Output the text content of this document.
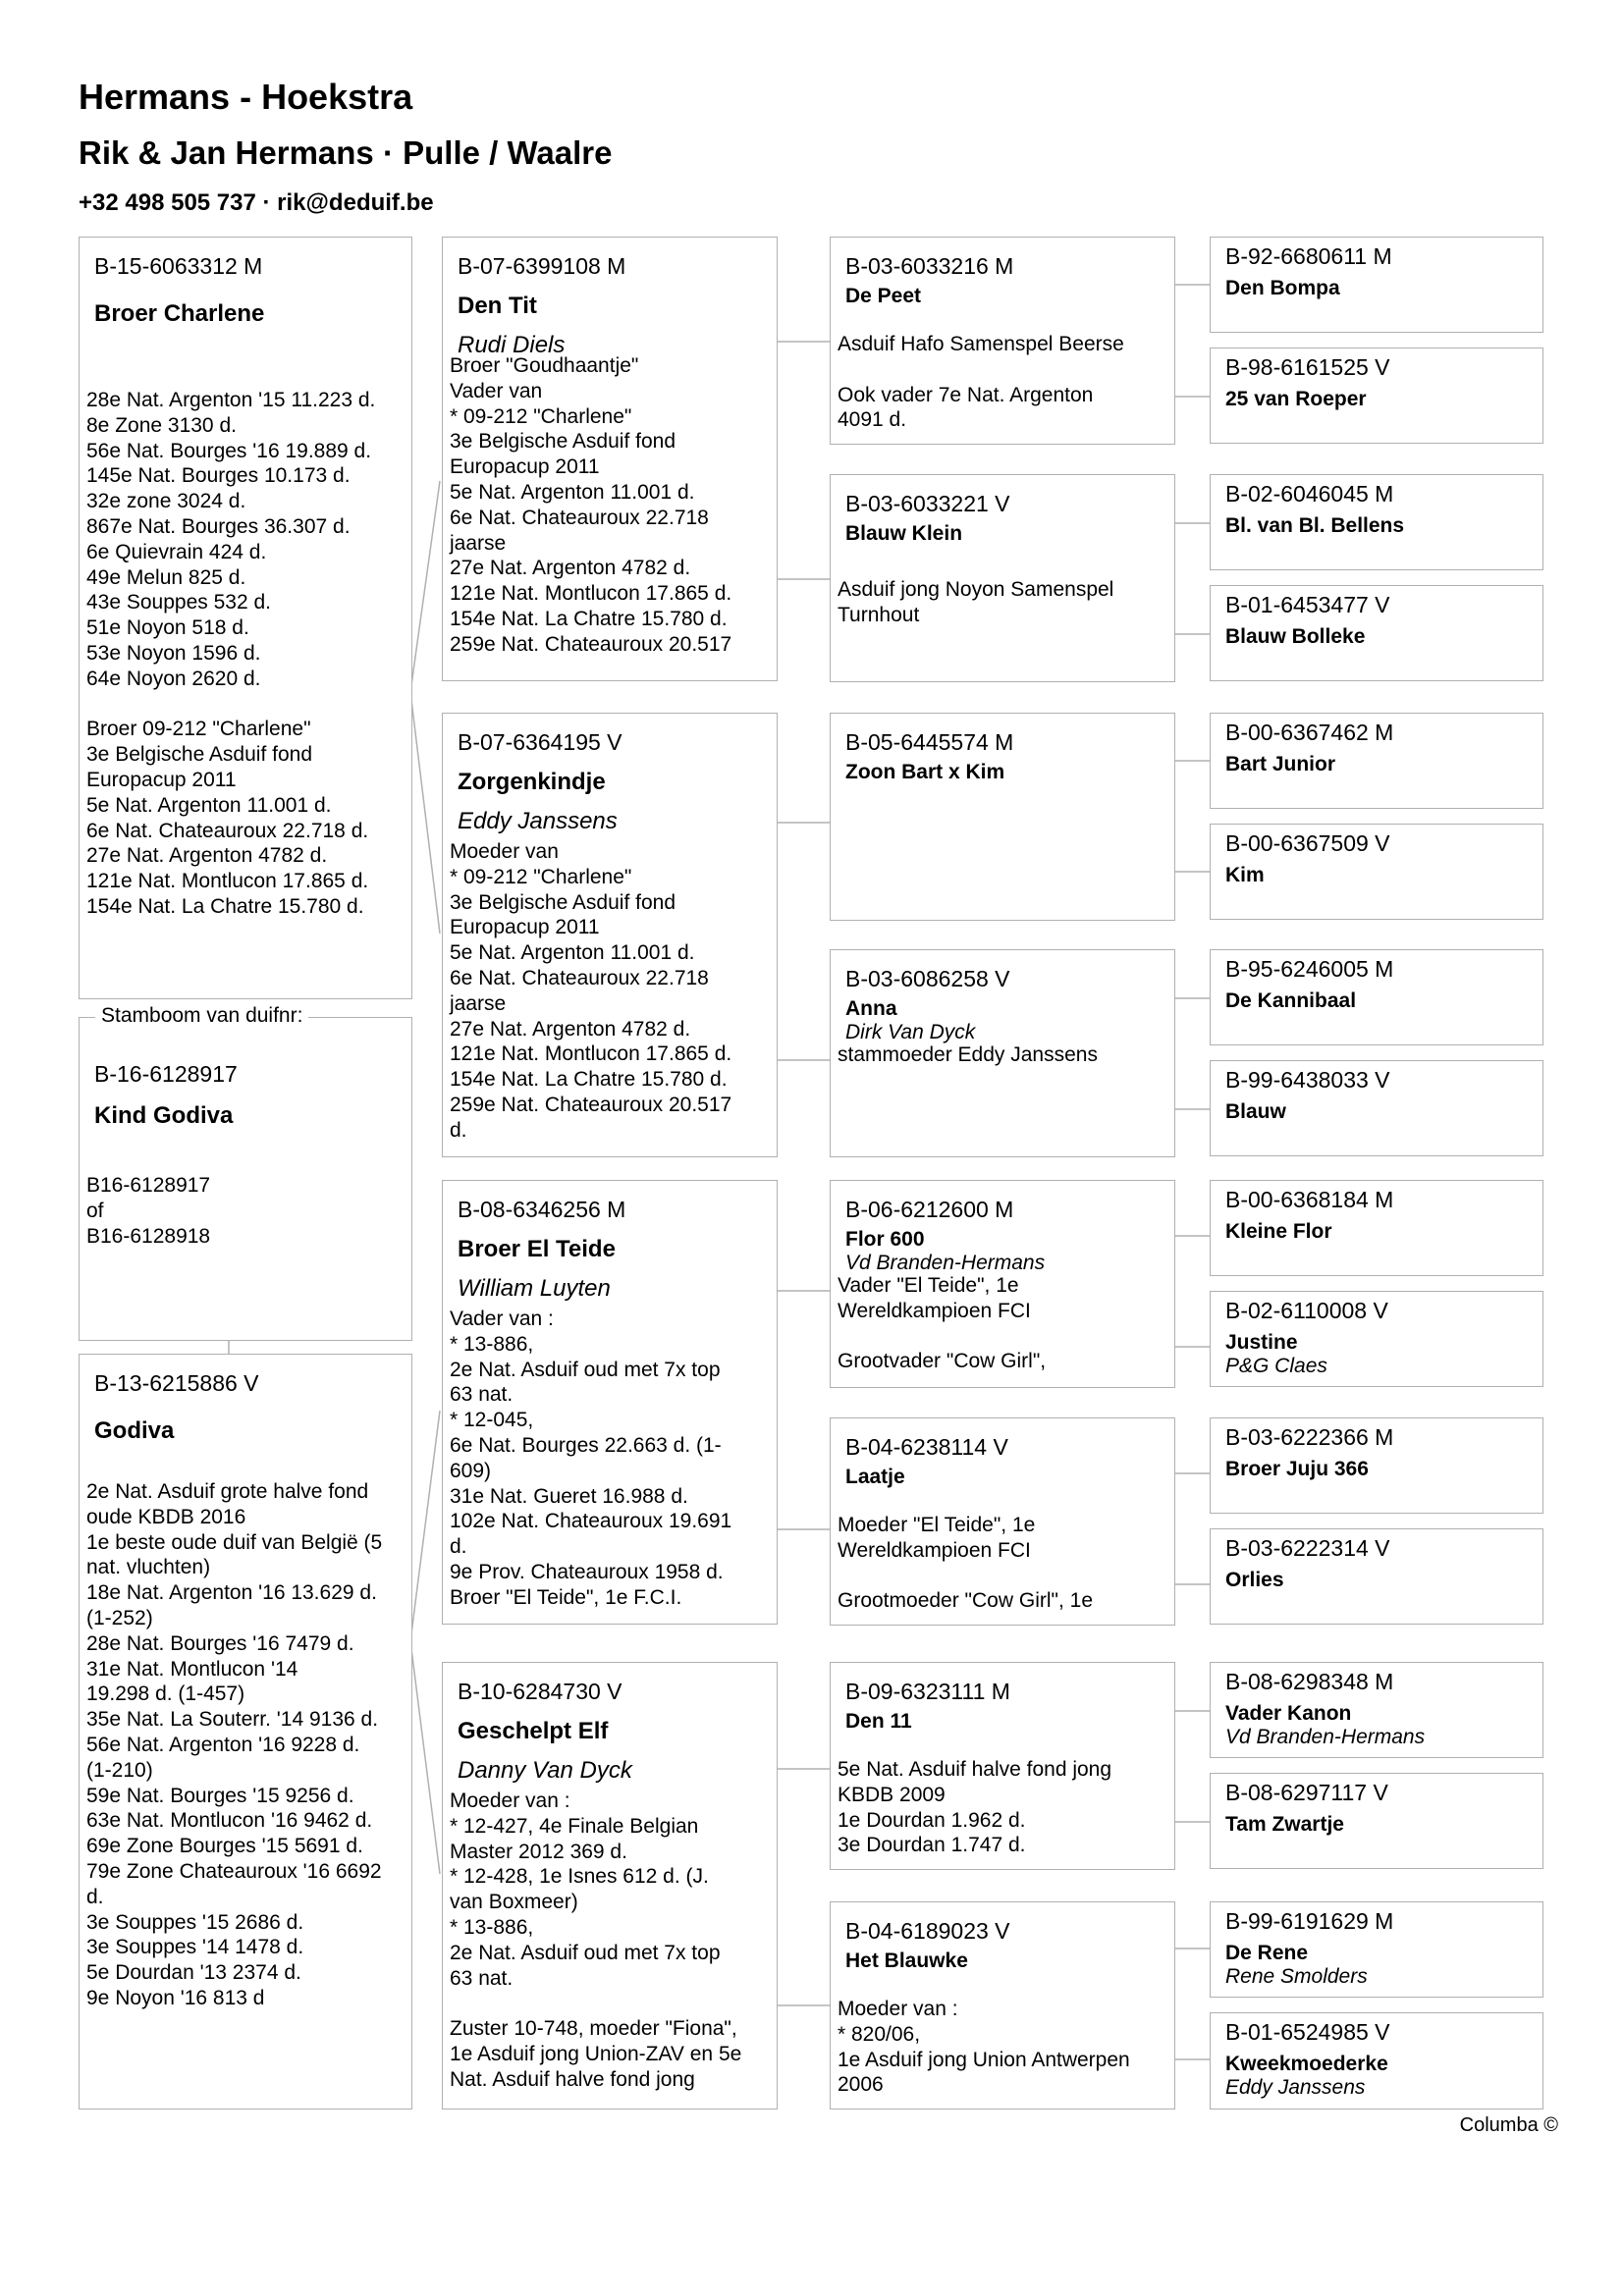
Hermans - Hoekstra
Rik & Jan Hermans · Pulle / Waalre
+32 498 505 737 · rik@deduif.be
B-15-6063312 M
Broer Charlene
28e Nat. Argenton '15 11.223 d.
8e Zone 3130 d.
56e Nat. Bourges '16 19.889 d.
145e Nat. Bourges 10.173 d.
32e zone 3024 d.
867e Nat. Bourges 36.307 d.
6e Quievrain 424 d.
49e Melun 825 d.
43e Souppes 532 d.
51e Noyon 518 d.
53e Noyon 1596 d.
64e Noyon 2620 d.

Broer 09-212 "Charlene"
3e Belgische Asduif fond
Europacup 2011
5e Nat. Argenton 11.001 d.
6e Nat. Chateauroux 22.718 d.
27e Nat. Argenton 4782 d.
121e Nat. Montlucon 17.865 d.
154e Nat. La Chatre 15.780 d.
B-16-6128917
Kind Godiva
B16-6128917
of
B16-6128918
Stamboom van duifnr:
B-13-6215886 V
Godiva
2e Nat. Asduif grote halve fond
oude KBDB 2016
1e beste oude duif van België (5
nat. vluchten)
18e Nat. Argenton '16 13.629 d.
(1-252)
28e Nat. Bourges '16 7479 d.
31e Nat. Montlucon '14
19.298 d. (1-457)
35e Nat. La Souterr. '14 9136 d.
56e Nat. Argenton '16 9228 d.
(1-210)
59e Nat. Bourges '15 9256 d.
63e Nat. Montlucon '16 9462 d.
69e Zone Bourges '15 5691 d.
79e Zone Chateauroux '16 6692
d.
3e Souppes '15 2686 d.
3e Souppes '14 1478 d.
5e Dourdan '13 2374 d.
9e Noyon '16 813 d
B-07-6399108 M
Den Tit
Rudi Diels
Broer "Goudhaantje"
Vader van
* 09-212 "Charlene"
3e Belgische Asduif fond
Europacup 2011
5e Nat. Argenton 11.001 d.
6e Nat. Chateauroux 22.718
jaarse
27e Nat. Argenton 4782 d.
121e Nat. Montlucon 17.865 d.
154e Nat. La Chatre 15.780 d.
259e Nat. Chateauroux 20.517
B-07-6364195 V
Zorgenkindje
Eddy Janssens
Moeder van
* 09-212 "Charlene"
3e Belgische Asduif fond
Europacup 2011
5e Nat. Argenton 11.001 d.
6e Nat. Chateauroux 22.718
jaarse
27e Nat. Argenton 4782 d.
121e Nat. Montlucon 17.865 d.
154e Nat. La Chatre 15.780 d.
259e Nat. Chateauroux 20.517
d.
B-08-6346256 M
Broer El Teide
William Luyten
Vader van :
* 13-886,
2e Nat. Asduif oud met 7x top
63 nat.
* 12-045,
6e Nat. Bourges 22.663 d. (1-
609)
31e Nat. Gueret 16.988 d.
102e Nat. Chateauroux 19.691
d.
9e Prov. Chateauroux 1958 d.
Broer "El Teide", 1e F.C.I.
B-10-6284730 V
Geschelpt Elf
Danny Van Dyck
Moeder van :
* 12-427, 4e Finale Belgian
Master 2012 369 d.
* 12-428, 1e Isnes 612 d. (J.
van Boxmeer)
* 13-886,
2e Nat. Asduif oud met 7x top
63 nat.

Zuster 10-748, moeder "Fiona",
1e Asduif jong Union-ZAV en 5e
Nat. Asduif halve fond jong
B-03-6033216 M
De Peet
Asduif Hafo Samenspel Beerse

Ook vader 7e Nat. Argenton
4091 d.
B-03-6033221 V
Blauw Klein
Asduif jong Noyon Samenspel
Turnhout
B-05-6445574 M
Zoon Bart x Kim
B-03-6086258 V
Anna
Dirk Van Dyck
stammoeder Eddy Janssens
B-06-6212600 M
Flor 600
Vd Branden-Hermans
Vader "El Teide", 1e
Wereldkampioen FCI

Grootvader "Cow Girl",
B-04-6238114 V
Laatje
Moeder "El Teide", 1e
Wereldkampioen FCI

Grootmoeder "Cow Girl", 1e
B-09-6323111 M
Den 11
5e Nat. Asduif halve fond jong
KBDB 2009
1e Dourdan 1.962 d.
3e Dourdan 1.747 d.
B-04-6189023 V
Het Blauwke
Moeder van :
* 820/06,
1e Asduif jong Union Antwerpen
2006
B-92-6680611 M
Den Bompa
B-98-6161525 V
25 van Roeper
B-02-6046045 M
Bl. van Bl. Bellens
B-01-6453477 V
Blauw Bolleke
B-00-6367462 M
Bart Junior
B-00-6367509 V
Kim
B-95-6246005 M
De Kannibaal
B-99-6438033 V
Blauw
B-00-6368184 M
Kleine Flor
B-02-6110008 V
Justine
P&G Claes
B-03-6222366 M
Broer Juju 366
B-03-6222314 V
Orlies
B-08-6298348 M
Vader Kanon
Vd Branden-Hermans
B-08-6297117 V
Tam Zwartje
B-99-6191629 M
De Rene
Rene Smolders
B-01-6524985 V
Kweekmoederke
Eddy Janssens
Columba ©
